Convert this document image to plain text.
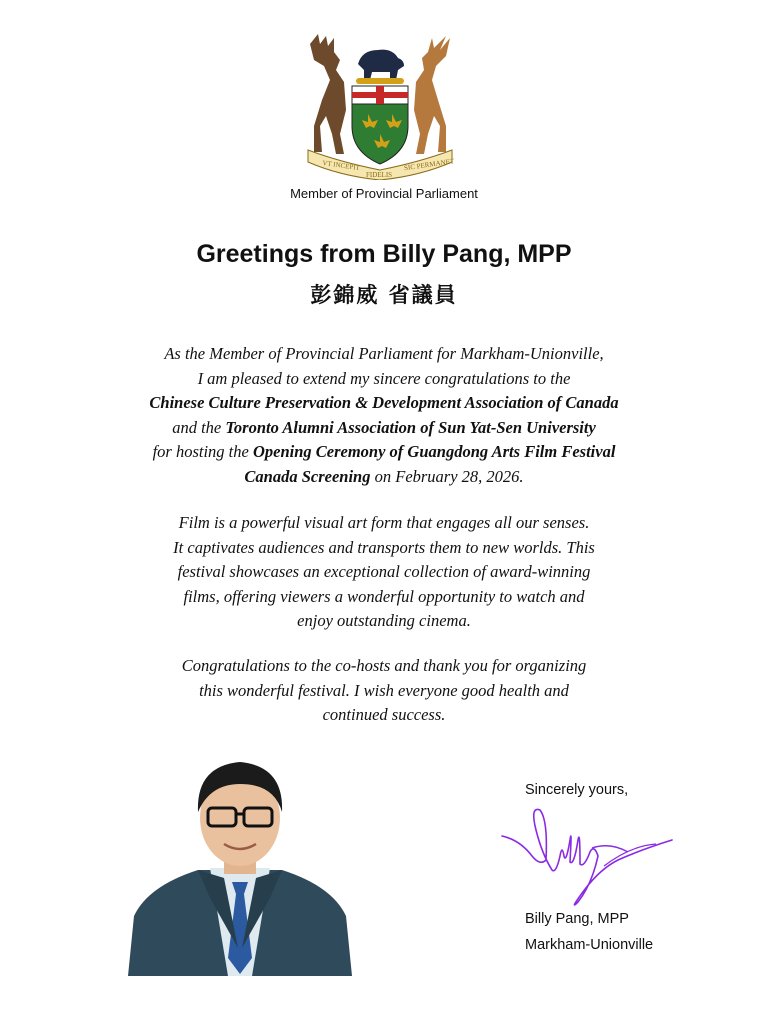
VT INCEPIT
FIDELIS
SIC PERMANET
Member of Provincial Parliament
Greetings from Billy Pang, MPP
彭錦威 省議員

As the Member of Provincial Parliament for Markham-Unionville,
I am pleased to extend my sincere congratulations to the
Chinese Culture Preservation & Development Association of Canada
and the Toronto Alumni Association of Sun Yat-Sen University
for hosting the Opening Ceremony of Guangdong Arts Film Festival
Canada Screening on February 28, 2026.

Film is a powerful visual art form that engages all our senses.
It captivates audiences and transports them to new worlds. This
festival showcases an exceptional collection of award-winning
films, offering viewers a wonderful opportunity to watch and
enjoy outstanding cinema.

Congratulations to the co-hosts and thank you for organizing
this wonderful festival. I wish everyone good health and
continued success.

Sincerely yours,
Billy Pang, MPP
Markham-Unionville
